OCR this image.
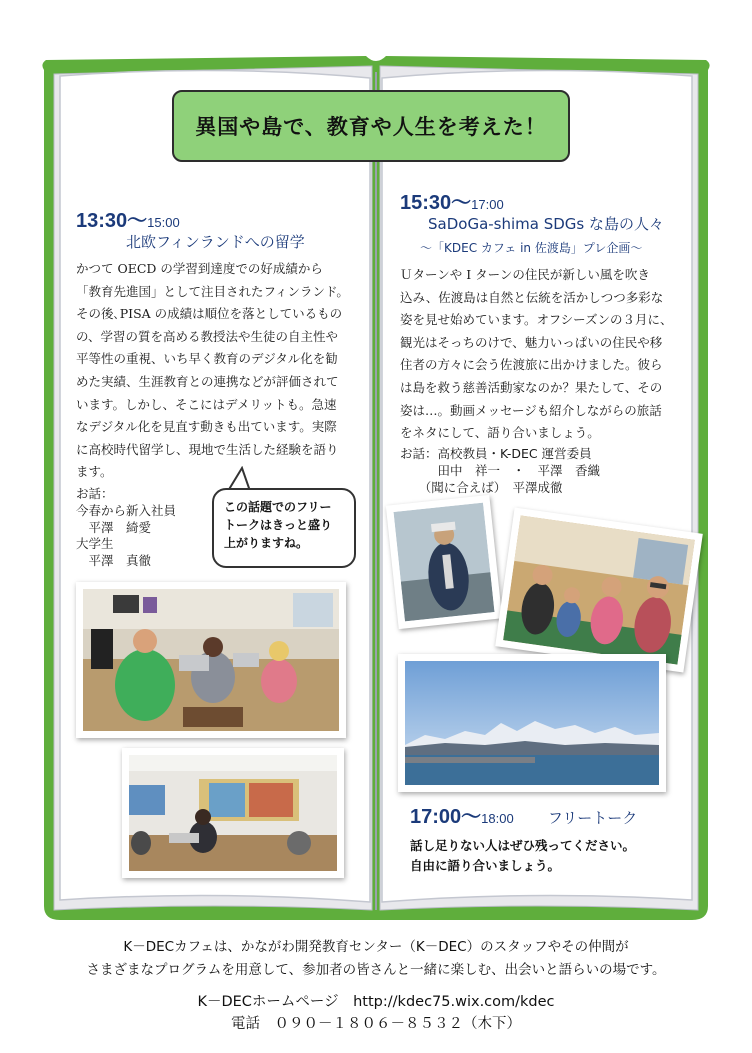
異国や島で、教育や人生を考えた！
13:30～15:00
北欧フィンランドへの留学
かつて OECD の学習到達度での好成績から
「教育先進国」として注目されたフィンランド。
その後､PISA の成績は順位を落としているもの
の、学習の質を高める教授法や生徒の自主性や
平等性の重視、いち早く教育のデジタル化を勧
めた実績、生涯教育との連携などが評価されて
います。しかし、そこにはデメリットも。急速
なデジタル化を見直す動きも出ています。実際
に高校時代留学し、現地で生活した経験を語り
ます。
お話：
今春から新入社員
　平澤　綺愛
大学生
　平澤　真徹
この話題でのフリー
トークはきっと盛り
上がりますね。
15:30～17:00
SaDoGa-shima SDGs な島の人々
～「KDEC カフェ in 佐渡島」プレ企画～
Ｕターンや I ターンの住民が新しい風を吹き
込み、佐渡島は自然と伝統を活かしつつ多彩な
姿を見せ始めています。オフシーズンの３月に、
観光はそっちのけで、魅力いっぱいの住民や移
住者の方々に会う佐渡旅に出かけました。彼ら
は島を救う慈善活動家なのか？果たして、その
姿は…。動画メッセージも紹介しながらの旅話
をネタにして、語り合いましょう。
お話：高校教員・K-DEC 運営委員
　　　田中　祥一　・　平澤　香織
　　（聞に合えば）　平澤成徹
17:00～18:00 フリートーク
話し足りない人はぜひ残ってください。
自由に語り合いましょう。
K－DECカフェは、かながわ開発教育センター（K－DEC）のスタッフやその仲間が
さまざまなプログラムを用意して、参加者の皆さんと一緒に楽しむ、出会いと語らいの場です。
K－DECホームページ　http://kdec75.wix.com/kdec
電話　０９０－１８０６－８５３２（木下）
